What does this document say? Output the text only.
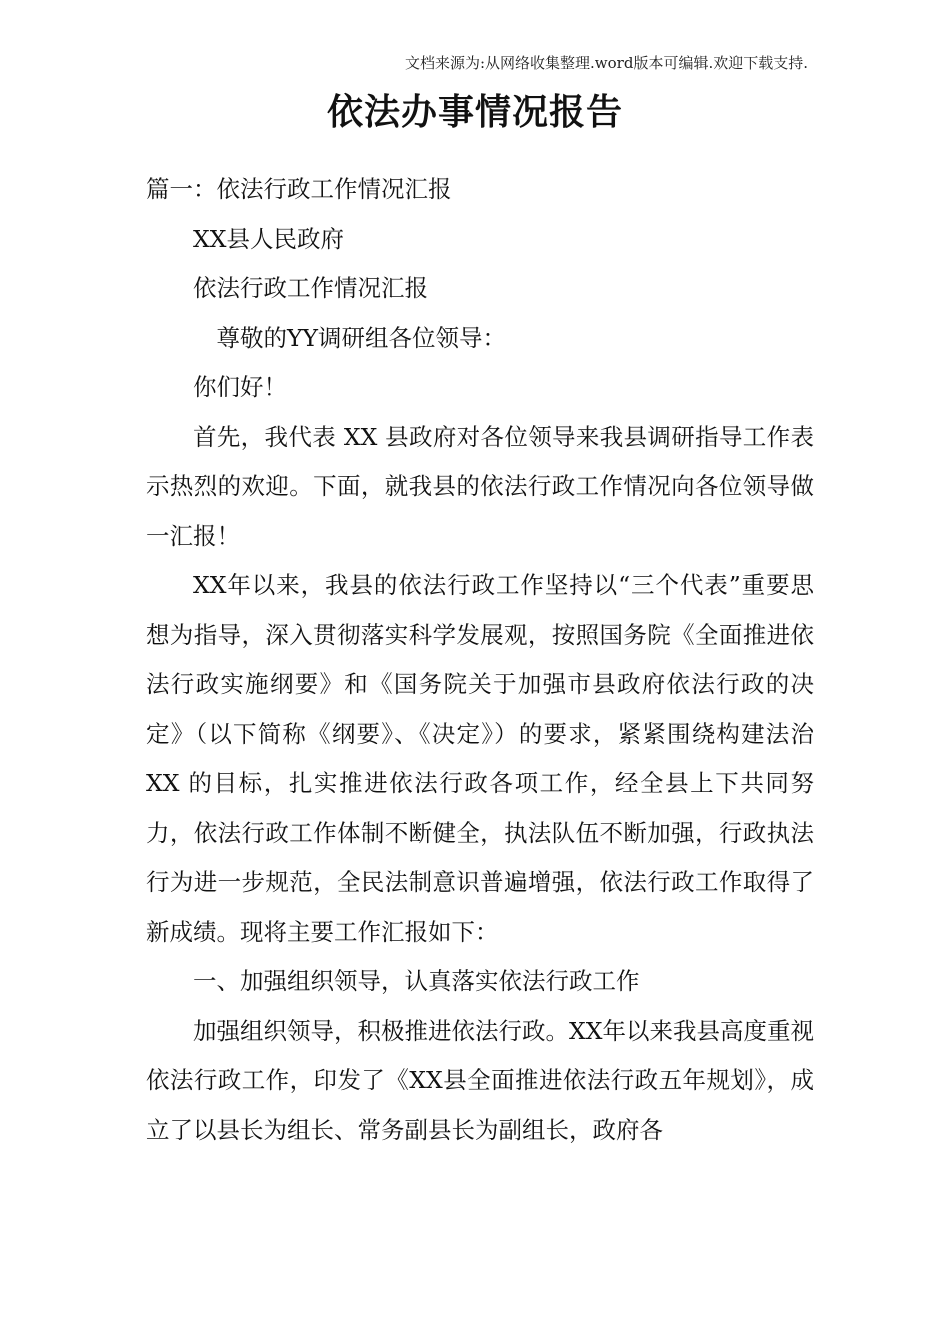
文档来源为:从网络收集整理.word版本可编辑.欢迎下载支持.
依法办事情况报告

篇一：依法行政工作情况汇报

XX县人民政府

依法行政工作情况汇报

尊敬的YY调研组各位领导：

你们好！

首先，我代表 XX 县政府对各位领导来我县调研指导工作表示热烈的欢迎。下面，就我县的依法行政工作情况向各位领导做一汇报！

XX年以来，我县的依法行政工作坚持以“三个代表”重要思想为指导，深入贯彻落实科学发展观，按照国务院《全面推进依法行政实施纲要》和《国务院关于加强市县政府依法行政的决定》（以下简称《纲要》、《决定》）的要求，紧紧围绕构建法治 XX 的目标，扎实推进依法行政各项工作，经全县上下共同努力，依法行政工作体制不断健全，执法队伍不断加强，行政执法行为进一步规范，全民法制意识普遍增强，依法行政工作取得了新成绩。现将主要工作汇报如下：

一、加强组织领导，认真落实依法行政工作

加强组织领导，积极推进依法行政。XX年以来我县高度重视依法行政工作，印发了《XX县全面推进依法行政五年规划》，成立了以县长为组长、常务副县长为副组长，政府各
